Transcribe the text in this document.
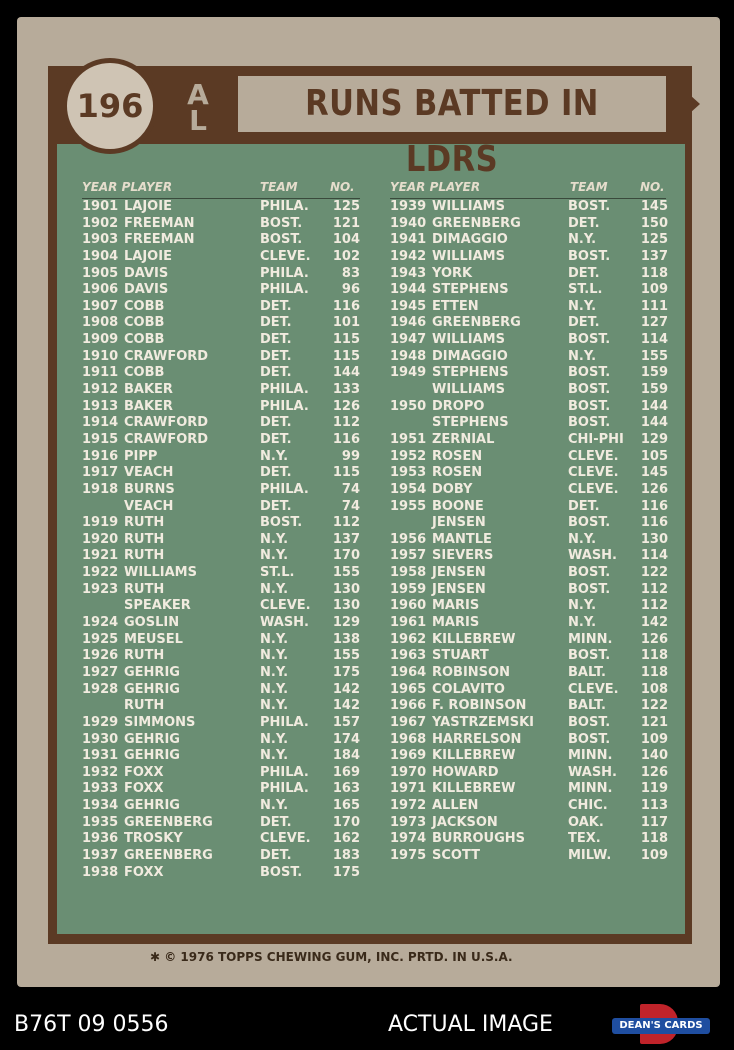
RUNS BATTED IN LDRS
196	A
L
YEAR PLAYER	TEAM	NO.
1901 LAJOIE	PHILA.	125
1902 FREEMAN	BOST.	121
1903 FREEMAN	BOST.	104
1904 LAJOIE	CLEVE.	102
1905 DAVIS	PHILA.	83
1906 DAVIS	PHILA.	96
1907 COBB	DET.	116
1908 COBB	DET.	101
1909 COBB	DET.	115
1910 CRAWFORD	DET.	115
1911 COBB	DET.	144
1912 BAKER	PHILA.	133
1913 BAKER	PHILA.	126
1914 CRAWFORD	DET.	112
1915 CRAWFORD	DET.	116
1916 PIPP	N.Y.	99
1917 VEACH	DET.	115
1918 BURNS	PHILA.	74
VEACH	DET.	74
1919 RUTH	BOST.	112
1920 RUTH	N.Y.	137
1921 RUTH	N.Y.	170
1922 WILLIAMS	ST.L.	155
1923 RUTH	N.Y.	130
SPEAKER	CLEVE.	130
1924 GOSLIN	WASH.	129
1925 MEUSEL	N.Y.	138
1926 RUTH	N.Y.	155
1927 GEHRIG	N.Y.	175
1928 GEHRIG	N.Y.	142
RUTH	N.Y.	142
1929 SIMMONS	PHILA.	157
1930 GEHRIG	N.Y.	174
1931 GEHRIG	N.Y.	184
1932 FOXX	PHILA.	169
1933 FOXX	PHILA.	163
1934 GEHRIG	N.Y.	165
1935 GREENBERG	DET.	170
1936 TROSKY	CLEVE.	162
1937 GREENBERG	DET.	183
1938 FOXX	BOST.	175
YEAR PLAYER	TEAM	NO.
1939 WILLIAMS	BOST.	145
1940 GREENBERG	DET.	150
1941 DIMAGGIO	N.Y.	125
1942 WILLIAMS	BOST.	137
1943 YORK	DET.	118
1944 STEPHENS	ST.L.	109
1945 ETTEN	N.Y.	111
1946 GREENBERG	DET.	127
1947 WILLIAMS	BOST.	114
1948 DIMAGGIO	N.Y.	155
1949 STEPHENS	BOST.	159
WILLIAMS	BOST.	159
1950 DROPO	BOST.	144
STEPHENS	BOST.	144
1951 ZERNIAL	CHI-PHI	129
1952 ROSEN	CLEVE.	105
1953 ROSEN	CLEVE.	145
1954 DOBY	CLEVE.	126
1955 BOONE	DET.	116
JENSEN	BOST.	116
1956 MANTLE	N.Y.	130
1957 SIEVERS	WASH.	114
1958 JENSEN	BOST.	122
1959 JENSEN	BOST.	112
1960 MARIS	N.Y.	112
1961 MARIS	N.Y.	142
1962 KILLEBREW	MINN.	126
1963 STUART	BOST.	118
1964 ROBINSON	BALT.	118
1965 COLAVITO	CLEVE.	108
1966 F. ROBINSON	BALT.	122
1967 YASTRZEMSKI	BOST.	121
1968 HARRELSON	BOST.	109
1969 KILLEBREW	MINN.	140
1970 HOWARD	WASH.	126
1971 KILLEBREW	MINN.	119
1972 ALLEN	CHIC.	113
1973 JACKSON	OAK.	117
1974 BURROUGHS	TEX.	118
1975 SCOTT	MILW.	109
✱ © 1976 TOPPS CHEWING GUM, INC. PRTD. IN U.S.A.
B76T 09 0556	ACTUAL IMAGE	DEAN'S CARDS
